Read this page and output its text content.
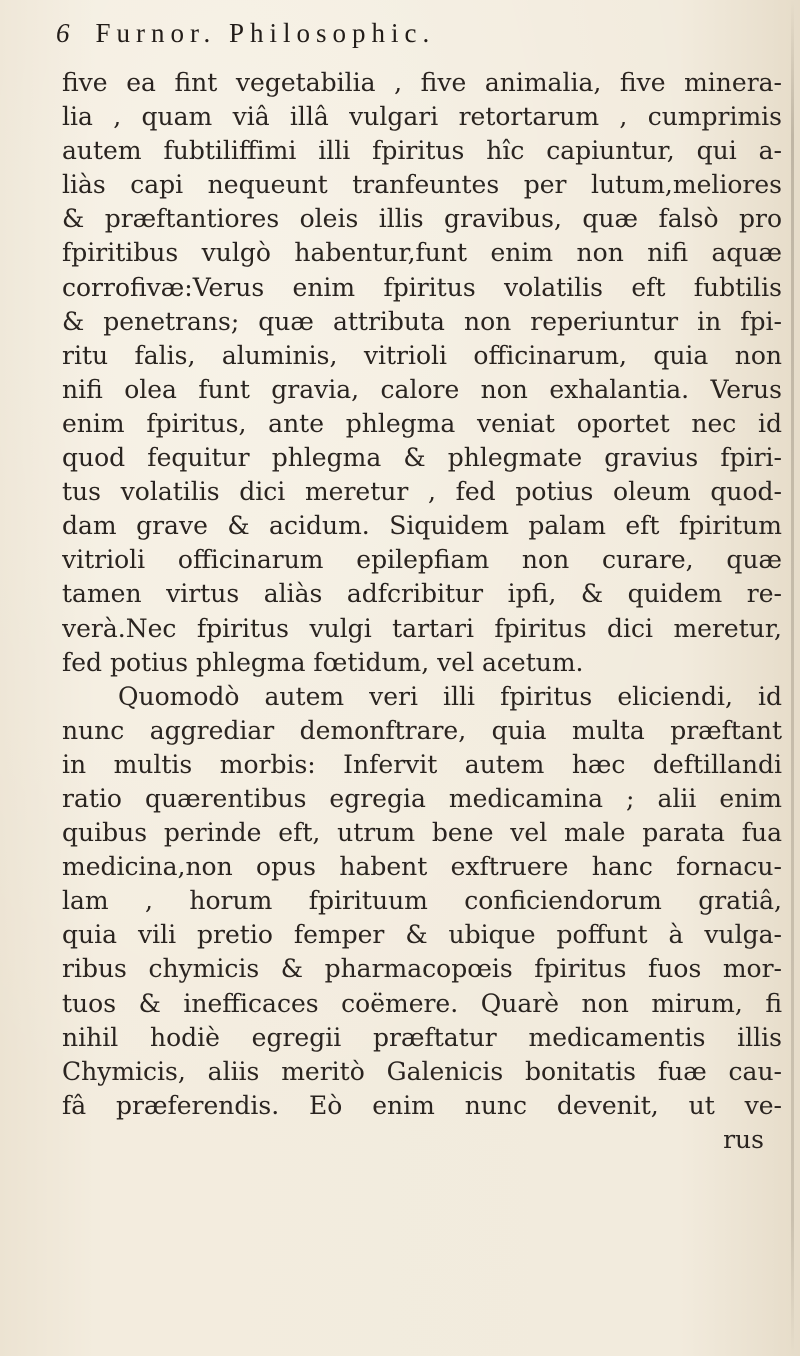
6 Furnor. Philosophic.
five ea fint vegetabilia , five animalia, five minera-
lia , quam viâ illâ vulgari retortarum , cumprimis
autem fubtiliffimi illi fpiritus hîc capiuntur, qui a-
liàs capi nequeunt tranfeuntes per lutum,meliores
& præftantiores oleis illis gravibus, quæ falsò pro
fpiritibus vulgò habentur,funt enim non nifi aquæ
corrofivæ:Verus enim fpiritus volatilis eft fubtilis
& penetrans; quæ attributa non reperiuntur in fpi-
ritu falis, aluminis, vitrioli officinarum, quia non
nifi olea funt gravia, calore non exhalantia. Verus
enim fpiritus, ante phlegma veniat oportet nec id
quod fequitur phlegma & phlegmate gravius fpiri-
tus volatilis dici meretur , fed potius oleum quod-
dam grave & acidum. Siquidem palam eft fpiritum
vitrioli officinarum epilepfiam non curare, quæ
tamen virtus aliàs adfcribitur ipfi, & quidem re-
verà.Nec fpiritus vulgi tartari fpiritus dici meretur,
fed potius phlegma fœtidum, vel acetum.
Quomodò autem veri illi fpiritus eliciendi, id
nunc aggrediar demonftrare, quia multa præftant
in multis morbis: Infervit autem hæc deftillandi
ratio quærentibus egregia medicamina ; alii enim
quibus perinde eft, utrum bene vel male parata fua
medicina,non opus habent exftruere hanc fornacu-
lam , horum fpirituum conficiendorum gratiâ,
quia vili pretio femper & ubique poffunt à vulga-
ribus chymicis & pharmacopœis fpiritus fuos mor-
tuos & inefficaces coëmere. Quarè non mirum, fi
nihil hodiè egregii præftatur medicamentis illis
Chymicis, aliis meritò Galenicis bonitatis fuæ cau-
fâ præferendis. Eò enim nunc devenit, ut ve-
rus
